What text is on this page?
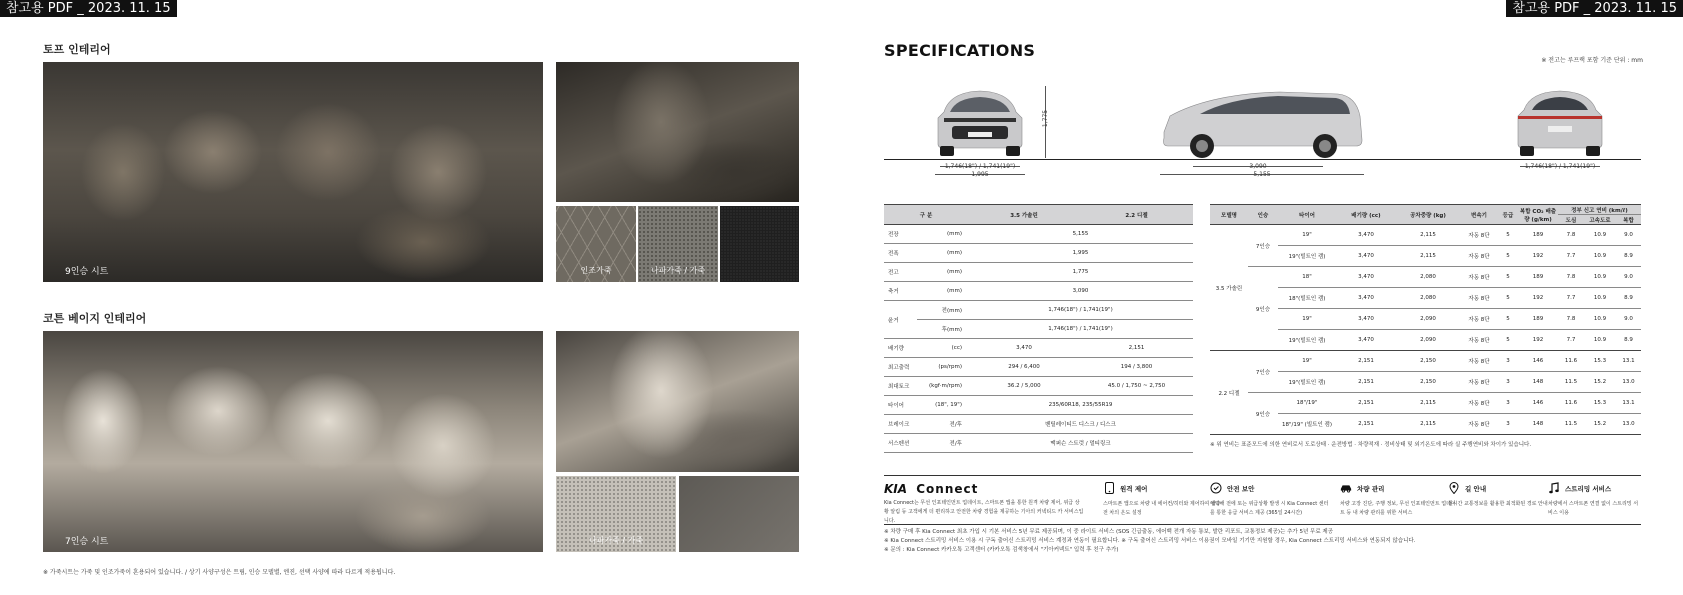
참고용 PDF _ 2023. 11. 15	참고용 PDF _ 2023. 11. 15
토프 인테리어
9인승 시트	인조가죽	나파가죽 / 가죽
코튼 베이지 인테리어
7인승 시트	나파가죽 / 가죽
※ 가죽시트는 가죽 및 인조가죽이 혼용되어 있습니다. / 상기 사양구성은 트림, 인승 모델별, 엔진, 선택 사양에 따라 다르게 적용됩니다.
SPECIFICATIONS
※ 전고는 루프랙 포함 기준 단위 : mm
1,775
1,746(18") / 1,741(19")
1,995
3,090
5,155
1,746(18") / 1,741(19")
구 분		3.5 가솔린	2.2 디젤
전장	(mm)	5,155	
전폭	(mm)	1,995	
전고	(mm)	1,775	
축거	(mm)	3,090	
윤거	전(mm)	1,746(18") / 1,741(19")	
	후(mm)	1,746(18") / 1,741(19")	
배기량	(cc)	3,470	2,151
최고출력	(ps/rpm)	294 / 6,400	194 / 3,800
최대토크	(kgf·m/rpm)	36.2 / 5,000	45.0 / 1,750 ~ 2,750
타이어	(18", 19")	235/60R18, 235/55R19	
브레이크	전/후	벤틸레이티드 디스크 / 디스크	
서스펜션	전/후	맥퍼슨 스트럿 / 멀티링크	
모델명	인승	타이어	배기량 (cc)	공차중량 (kg)	변속기	등급	복합 CO₂ 배출량 (g/km)	정부 신고 연비 (km/ℓ)		
								도심	고속도로	복합
3.5 가솔린	7인승	19"	3,470	2,115	자동 8단	5	189	7.8	10.9	9.0
		19"(빌트인 캠)	3,470	2,115	자동 8단	5	192	7.7	10.9	8.9
	9인승	18"	3,470	2,080	자동 8단	5	189	7.8	10.9	9.0
		18"(빌트인 캠)	3,470	2,080	자동 8단	5	192	7.7	10.9	8.9
		19"	3,470	2,090	자동 8단	5	189	7.8	10.9	9.0
		19"(빌트인 캠)	3,470	2,090	자동 8단	5	192	7.7	10.9	8.9
2.2 디젤	7인승	19"	2,151	2,150	자동 8단	3	146	11.6	15.3	13.1
		19"(빌트인 캠)	2,151	2,150	자동 8단	3	148	11.5	15.2	13.0
	9인승	18"/19"	2,151	2,115	자동 8단	3	146	11.6	15.3	13.1
		18"/19" (빌트인 캠)	2,151	2,115	자동 8단	3	148	11.5	15.2	13.0
※ 위 연비는 표준모드에 의한 연비로서 도로상태 · 운전방법 · 차량적재 · 정비상태 및 외기온도에 따라 실 주행연비와 차이가 있습니다.
KIA Connect
Kia Connect는 무선 인포테인먼트 업데이트, 스마트폰 앱을 통한 원격 차량 제어, 위급 상황 알림 등 고객에게 더 편리하고 안전한 차량 경험을 제공하는 기아의 커넥티드 카 서비스입니다.
원격 제어
스마트폰 앱으로 차량 내 에어컨/히터와 제어하여 탑승 전 차의 온도 설정
안전 보안
예약해 전에 또는 위급상황 발생 시 Kia Connect 센터를 통한 응급 서비스 제공 (365일 24시간)
차량 관리
차량 고장 진단, 주행 정보, 무선 인포테인먼트 업데이트 등 내 차량 관리를 위한 서비스
길 안내
실시간 교통정보를 활용한 최적화된 경로 안내
스트리밍 서비스
차량에서 스마트폰 연결 없이 스트리밍 서비스 이용
※ 차량 구매 후 Kia Connect 최초 가입 시 기본 서비스 5년 무료 제공되며, 이 중 라이트 서비스 (SOS 긴급출동, 에어백 전개 자동 통보, 발란 리포트, 교통정보 제공)는 추가 5년 무료 제공
※ Kia Connect 스트리밍 서비스 이용 시 구독 출어신 스트리밍 서비스 계정과 연동이 필요합니다. ※ 구독 출어신 스트리밍 서비스 이용권이 모바일 기기만 지원할 경우, Kia Connect 스트리밍 서비스와 연동되지 않습니다.
※ 문의 : Kia Connect 카카오톡 고객센터 (카카오톡 검색창에서 "기아커넥트" 입력 후 친구 추가)
